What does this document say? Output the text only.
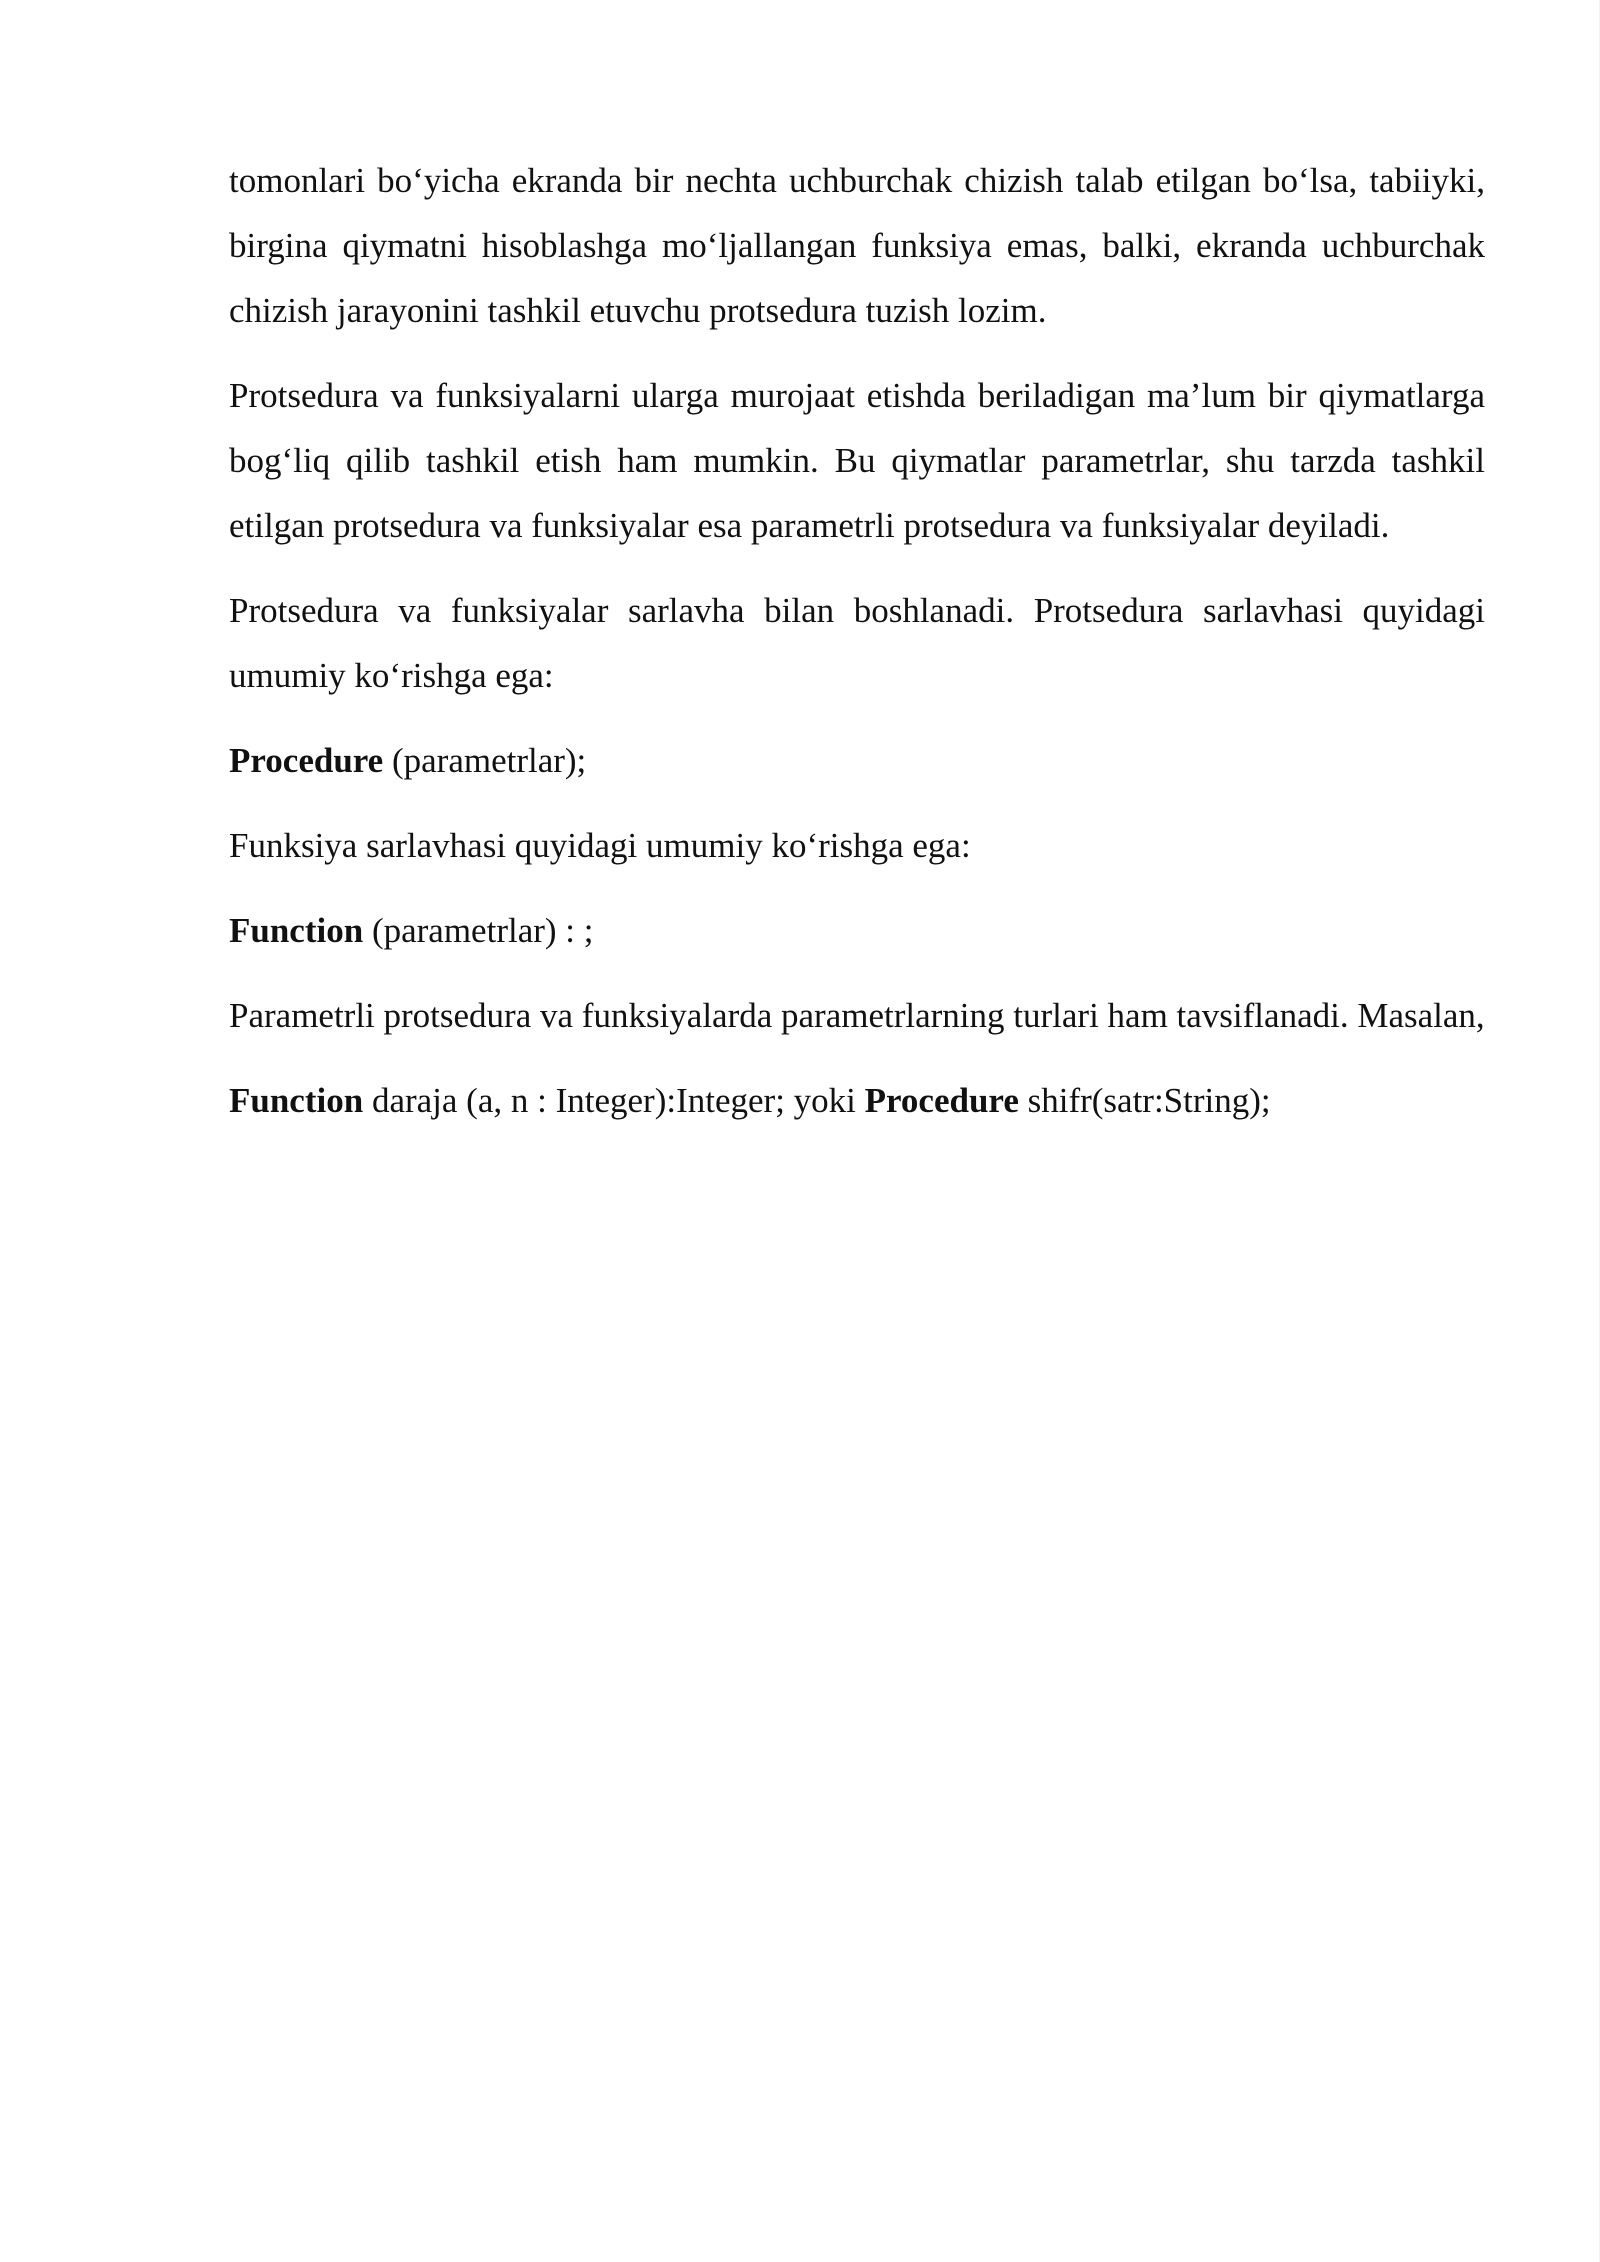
tomonlari bo‘yicha ekranda bir nechta uchburchak chizish talab etilgan bo‘lsa, tabiiyki, birgina qiymatni hisoblashga mo‘ljallangan funksiya emas, balki, ekranda uchburchak chizish jarayonini tashkil etuvchu protsedura tuzish lozim.

Protsedura va funksiyalarni ularga murojaat etishda beriladigan ma’lum bir qiymatlarga bog‘liq qilib tashkil etish ham mumkin. Bu qiymatlar parametrlar, shu tarzda tashkil etilgan protsedura va funksiyalar esa parametrli protsedura va funksiyalar deyiladi.

Protsedura va funksiyalar sarlavha bilan boshlanadi. Protsedura sarlavhasi quyidagi umumiy ko‘rishga ega:

Procedure (parametrlar);

Funksiya sarlavhasi quyidagi umumiy ko‘rishga ega:

Function (parametrlar) : ;

Parametrli protsedura va funksiyalarda parametrlarning turlari ham tavsiflanadi. Masalan,

Function daraja (a, n : Integer):Integer; yoki Procedure shifr(satr:String);
